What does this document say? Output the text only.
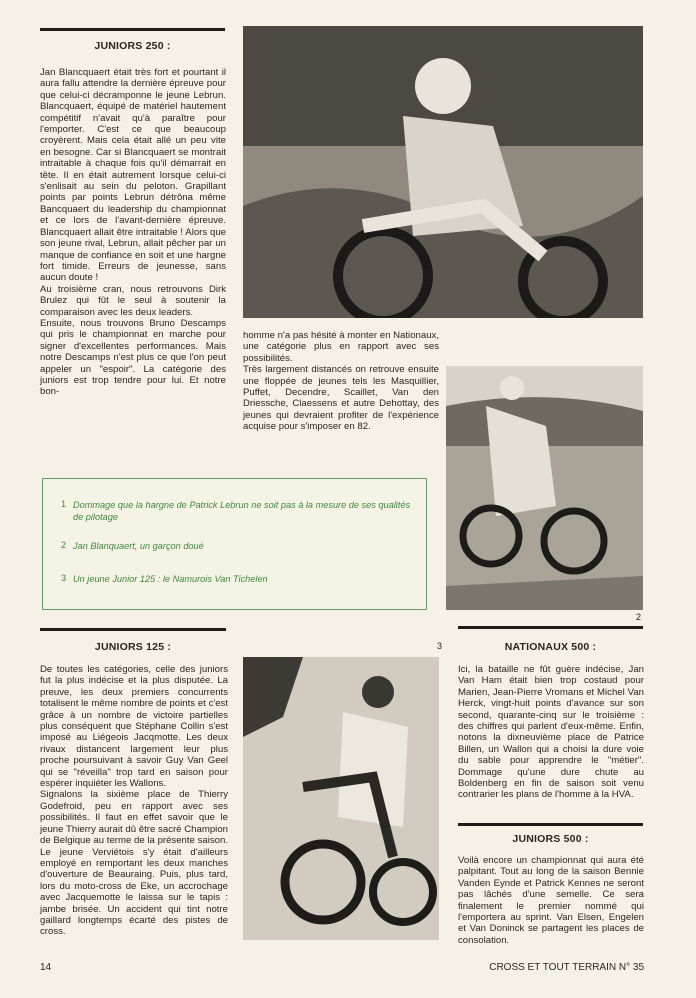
JUNIORS 250 :
Jan Blancquaert était très fort et pourtant il aura fallu attendre la dernière épreuve pour que celui-ci décramponne le jeune Lebrun. Blancquaert, équipé de matériel hautement compétitif n'avait qu'à paraître pour l'emporter. C'est ce que beaucoup croyèrent. Mais cela était allé un peu vite en besogne. Car si Blancquaert se montrait intraitable à chaque fois qu'il démarrait en tête. Il en était autrement lorsque celui-ci s'enlisait au sein du peloton. Grapillant points par points Lebrun détrôna même Bancquaert du leadership du championnat et ce lors de l'avant-dernière épreuve. Blancquaert allait être intraitable ! Alors que son jeune rival, Lebrun, allait pêcher par un manque de confiance en soit et une hargne fort timide. Erreurs de jeunesse, sans aucun doute !
Au troisième cran, nous retrouvons Dirk Brulez qui fût le seul à soutenir la comparaison avec les deux leaders.
Ensuite, nous trouvons Bruno Descamps qui pris le championnat en marche pour signer d'excellentes performances. Mais notre Descamps n'est plus ce que l'on peut appeler un "espoir". La catégorie des juniors est trop tendre pour lui. Et notre bon-
homme n'a pas hésité à monter en Nationaux, une catégorie plus en rapport avec ses possibilités.
Très largement distancés on retrouve ensuite une floppée de jeunes tels les Masquillier, Puffet, Decendre, Scaillet, Van den Driessche, Claessens et autre Dehottay, des jeunes qui devraient profiter de l'expérience acquise pour s'imposer en 82.
2
1 Dommage que la hargne de Patrick Lebrun ne soit pas à la mesure de ses qualités de pilotage
2 Jan Blanquaert, un garçon doué
3 Un jeune Junior 125 : le Namurois Van Tichelen
JUNIORS 125 :
De toutes les catégories, celle des juniors fut la plus indécise et la plus disputée. La preuve, les deux premiers concurrents totalisent le même nombre de points et c'est grâce à un nombre de victoire partielles plus conséquent que Stéphane Collin s'est imposé au Liégeois Jacqmotte. Les deux rivaux distancent largement leur plus proche poursuivant à savoir Guy Van Geel qui se "réveilla" trop tard en saison pour espérer inquiéter les Wallons.
Signalons la sixième place de Thierry Godefroid, peu en rapport avec ses possibilités. Il faut en effet savoir que le jeune Thierry aurait dû être sacré Champion de Belgique au terme de la présente saison. Le jeune Verviétois s'y était d'ailleurs employé en remportant les deux manches d'ouverture de Beauraing. Puis, plus tard, lors du moto-cross de Eke, un accrochage avec Jacquemotte le laissa sur le tapis : jambe brisée. Un accident qui tint notre gaillard longtemps écarté des pistes de cross.
3	NATIONAUX 500 :
Ici, la bataille ne fût guère indécise, Jan Van Ham était bien trop costaud pour Marien, Jean-Pierre Vromans et Michel Van Herck, vingt-huit points d'avance sur son second, quarante-cinq sur le troisième : des chiffres qui parlent d'eux-même. Enfin, notons la dixneuvième place de Patrice Billen, un Wallon qui a choisi la dure voie du sable pour apprendre le "métier". Dommage qu'une dure chute au Boldenberg en fin de saison soit venu contrarier les plans de l'homme à la HVA.
JUNIORS 500 :
Voilà encore un championnat qui aura été palpitant. Tout au long de la saison Bennie Vanden Eynde et Patrick Kennes ne seront pas lâchés d'une semelle. Ce sera finalement le premier nommé qui l'emportera au sprint. Van Elsen, Engelen et Van Doninck se partagent les places de consolation.
14	CROSS ET TOUT TERRAIN N° 35
